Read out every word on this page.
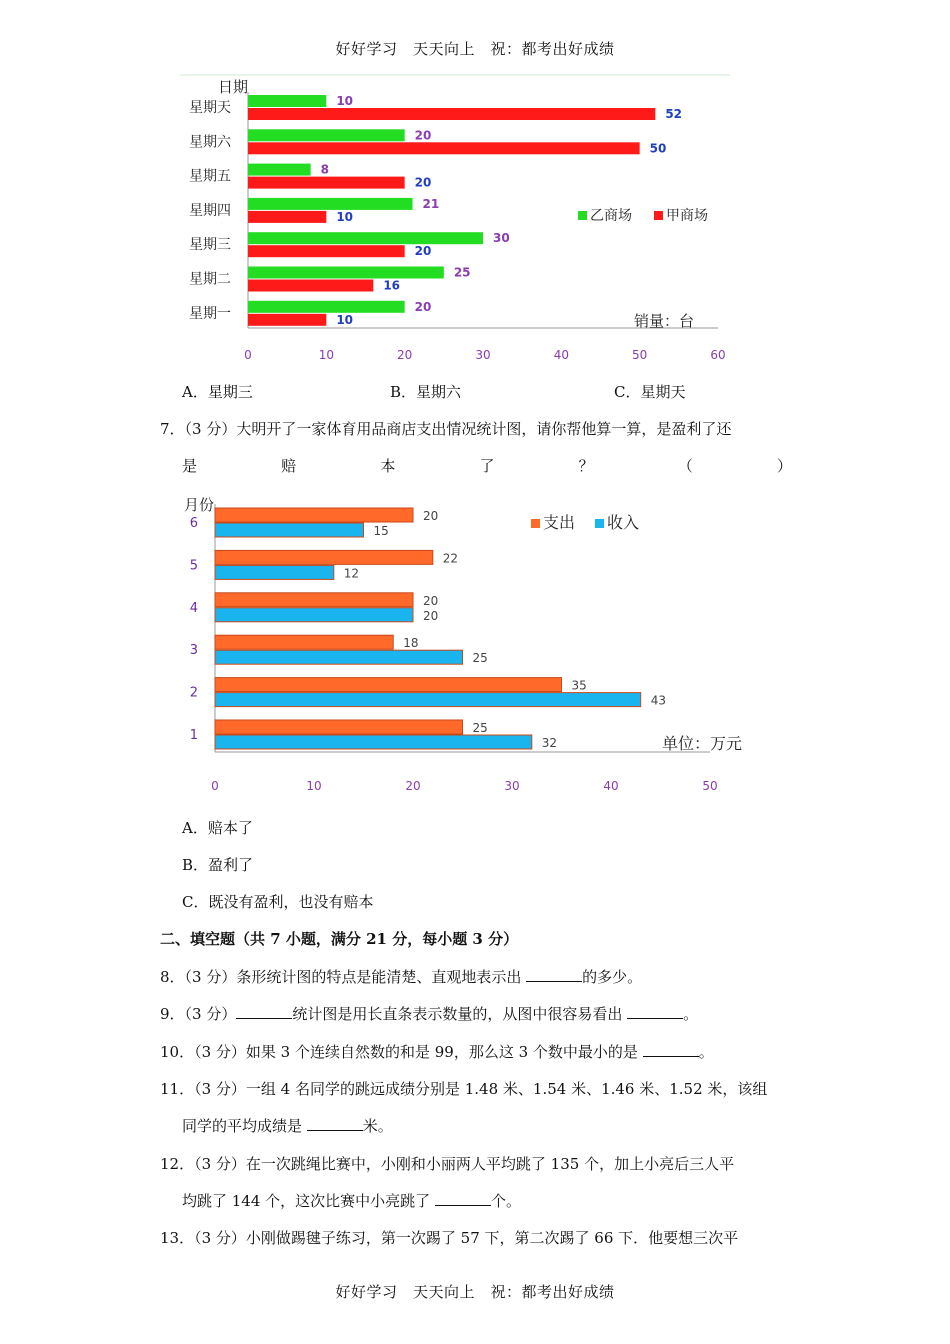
好好学习　天天向上　祝：都考出好成绩
日期
0	10	20	30	40	50	60
星期天	10
52
星期六	20
50
星期五	8
20
星期四	21
10
星期三	30
20
星期二	25
16
星期一	20
10
乙商场 甲商场
销量：台
A．星期三	B．星期六	C．星期天
7．（3 分）大明开了一家体育用品商店支出情况统计图，请你帮他算一算，是盈利了还
是	赔	本	了	？	（	）
月份
0	10	20	30	40	50
6	20
15
5	22
12
4	20
20
3	18
25
2	35
43
1	25
32
支出 收入
单位：万元
A．赔本了
B．盈利了
C．既没有盈利，也没有赔本
二、填空题（共 7 小题，满分 21 分，每小题 3 分）
8．（3 分）条形统计图的特点是能清楚、直观地表示出	的多少。
9．（3 分）	统计图是用长直条表示数量的，从图中很容易看出	。
10．（3 分）如果 3 个连续自然数的和是 99，那么这 3 个数中最小的是	。
11．（3 分）一组 4 名同学的跳远成绩分别是 1.48 米、1.54 米、1.46 米、1.52 米，该组
同学的平均成绩是	米。
12．（3 分）在一次跳绳比赛中，小刚和小丽两人平均跳了 135 个，加上小亮后三人平
均跳了 144 个，这次比赛中小亮跳了	个。
13．（3 分）小刚做踢毽子练习，第一次踢了 57 下，第二次踢了 66 下．他要想三次平
好好学习　天天向上　祝：都考出好成绩
